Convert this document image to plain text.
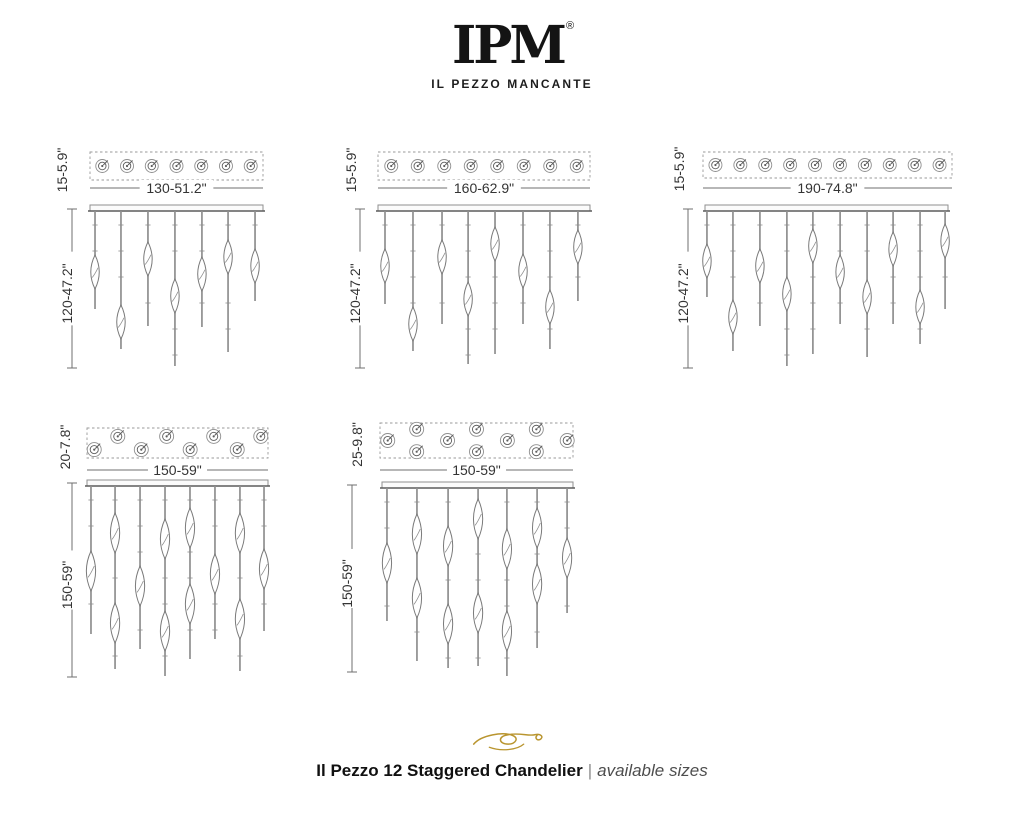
IPM ®
IL PEZZO MANCANTE
15-5.9"	130-51.2"
120-47.2"
15-5.9"	160-62.9"
120-47.2"
15-5.9"	190-74.8"
120-47.2"
20-7.8"
150-59"
150-59"
25-9.8"
150-59"
150-59"
Il Pezzo 12 Staggered Chandelier | available sizes
